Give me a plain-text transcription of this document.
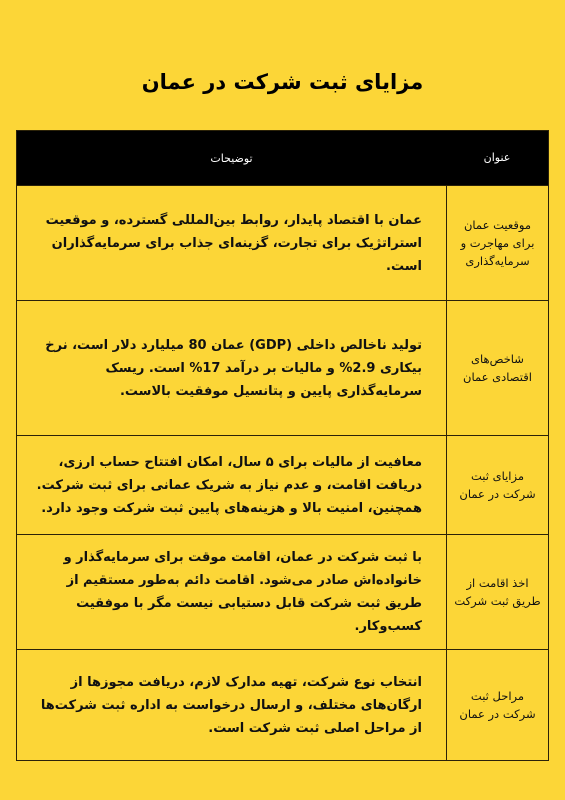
مزایای ثبت شرکت در عمان
عنوان
توضیحات
موقعیت عمان برای مهاجرت و سرمایه‌گذاری
عمان با اقتصاد پایدار، روابط بین‌المللی گسترده، و موقعیت استراتژیک برای تجارت، گزینه‌ای جذاب برای سرمایه‌گذاران است.
شاخص‌های اقتصادی عمان
تولید ناخالص داخلی (GDP) عمان 80 میلیارد دلار است، نرخ بیکاری 2.9% و مالیات بر درآمد 17% است. ریسک سرمایه‌گذاری پایین و پتانسیل موفقیت بالاست.
مزایای ثبت شرکت در عمان
معافیت از مالیات برای ۵ سال، امکان افتتاح حساب ارزی، دریافت اقامت، و عدم نیاز به شریک عمانی برای ثبت شرکت. همچنین، امنیت بالا و هزینه‌های پایین ثبت شرکت وجود دارد.
اخذ اقامت از طریق ثبت شرکت
با ثبت شرکت در عمان، اقامت موقت برای سرمایه‌گذار و خانواده‌اش صادر می‌شود. اقامت دائم به‌طور مستقیم از طریق ثبت شرکت قابل دستیابی نیست مگر با موفقیت کسب‌وکار.
مراحل ثبت شرکت در عمان
انتخاب نوع شرکت، تهیه مدارک لازم، دریافت مجوزها از ارگان‌های مختلف، و ارسال درخواست به اداره ثبت شرکت‌ها از مراحل اصلی ثبت شرکت است.
